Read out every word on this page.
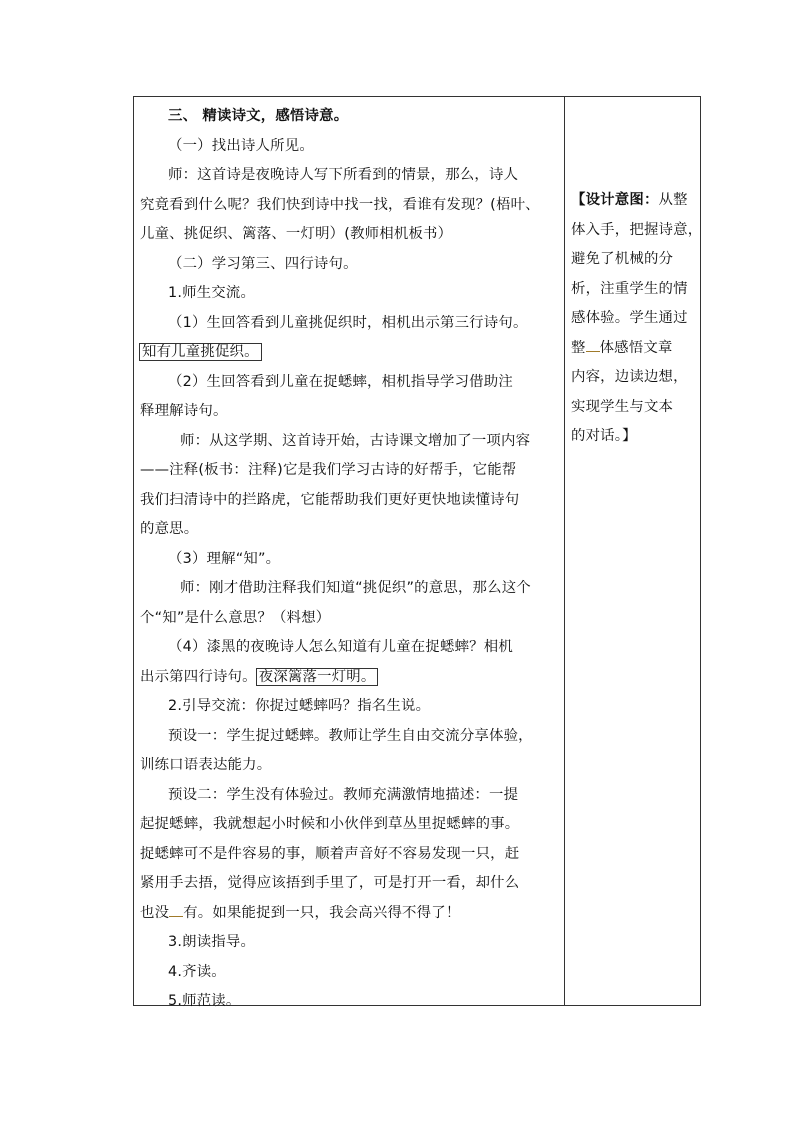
三、 精读诗文，感悟诗意。
（一）找出诗人所见。
师：这首诗是夜晚诗人写下所看到的情景，那么，诗人
究竟看到什么呢？我们快到诗中找一找，看谁有发现？(梧叶、
儿童、挑促织、篱落、一灯明）(教师相机板书）
（二）学习第三、四行诗句。
1.师生交流。
（1）生回答看到儿童挑促织时，相机出示第三行诗句。
知有儿童挑促织。
（2）生回答看到儿童在捉蟋蟀，相机指导学习借助注
释理解诗句。
师：从这学期、这首诗开始，古诗课文增加了一项内容
——注释(板书：注释)它是我们学习古诗的好帮手，它能帮
我们扫清诗中的拦路虎，它能帮助我们更好更快地读懂诗句
的意思。
（3）理解“知”。
师：刚才借助注释我们知道“挑促织”的意思，那么这个
个“知”是什么意思？（料想）
（4）漆黑的夜晚诗人怎么知道有儿童在捉蟋蟀？相机
出示第四行诗句。 夜深篱落一灯明。
2.引导交流：你捉过蟋蟀吗？指名生说。
预设一：学生捉过蟋蟀。教师让学生自由交流分享体验，
训练口语表达能力。
预设二：学生没有体验过。教师充满激情地描述：一提
起捉蟋蟀，我就想起小时候和小伙伴到草丛里捉蟋蟀的事。
捉蟋蟀可不是件容易的事，顺着声音好不容易发现一只，赶
紧用手去捂，觉得应该捂到手里了，可是打开一看，却什么
也没 有。如果能捉到一只，我会高兴得不得了！
3.朗读指导。
4.齐读。
5.师范读。
【设计意图：从整
体入手，把握诗意，
避免了机械的分
析，注重学生的情
感体验。学生通过
整 体感悟文章
内容，边读边想，
实现学生与文本
的对话。】
